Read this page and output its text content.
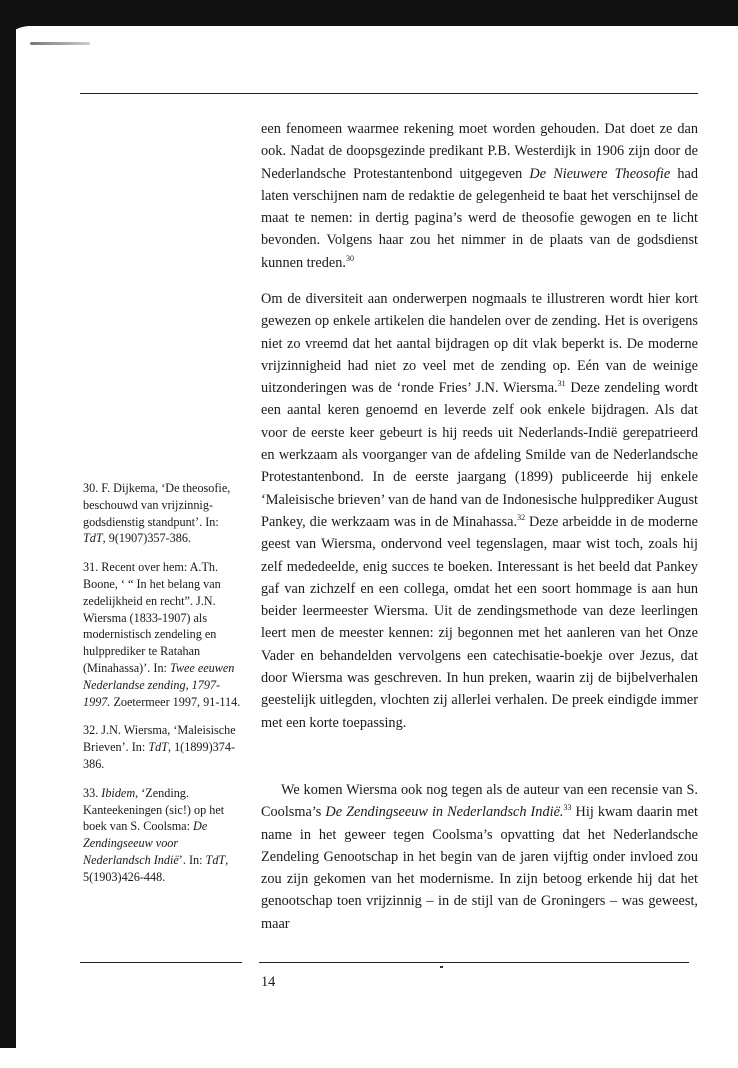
een fenomeen waarmee rekening moet worden gehouden. Dat doet ze dan ook. Nadat de doopsgezinde predikant P.B. Westerdijk in 1906 zijn door de Nederlandsche Protestantenbond uitgegeven De Nieuwere Theosofie had laten verschijnen nam de redaktie de gelegenheid te baat het verschijnsel de maat te nemen: in dertig pagina’s werd de theosofie gewogen en te licht bevonden. Volgens haar zou het nimmer in de plaats van de godsdienst kunnen treden.$^{30}$

Om de diversiteit aan onderwerpen nogmaals te illustreren wordt hier kort gewezen op enkele artikelen die handelen over de zending. Het is overigens niet zo vreemd dat het aantal bijdragen op dit vlak beperkt is. De moderne vrijzinnigheid had niet zo veel met de zending op. Eén van de weinige uitzonderingen was de ‘ronde Fries’ J.N. Wiersma.$^{31}$ Deze zendeling wordt een aantal keren genoemd en leverde zelf ook enkele bijdragen. Als dat voor de eerste keer gebeurt is hij reeds uit Nederlands-Indië gerepatrieerd en werkzaam als voorganger van de afdeling Smilde van de Nederlandsche Protestantenbond. In de eerste jaargang (1899) publiceerde hij enkele ‘Maleisische brieven’ van de hand van de Indonesische hulpprediker August Pankey, die werkzaam was in de Minahassa.$^{32}$ Deze arbeidde in de moderne geest van Wiersma, ondervond veel tegenslagen, maar wist toch, zoals hij zelf mededeelde, enig succes te boeken. Interessant is het beeld dat Pankey gaf van zichzelf en een collega, omdat het een soort hommage is aan hun beider leermeester Wiersma. Uit de zendingsmethode van deze leerlingen leert men de meester kennen: zij begonnen met het aanleren van het Onze Vader en behandelden vervolgens een catechisatie-boekje over Jezus, dat door Wiersma was geschreven. In hun preken, waarin zij de bijbelverhalen geestelijk uitlegden, vlochten zij allerlei verhalen. De preek eindigde immer met een korte toepassing.

We komen Wiersma ook nog tegen als de auteur van een recensie van S. Coolsma’s De Zendingseeuw in Nederlandsch Indië.$^{33}$ Hij kwam daarin met name in het geweer tegen Coolsma’s opvatting dat het Nederlandsche Zendeling Genootschap in het begin van de jaren vijftig onder invloed zou zou zijn gekomen van het modernisme. In zijn betoog erkende hij dat het genootschap toen vrijzinnig – in de stijl van de Groningers – was geweest, maar

30. F. Dijkema, ‘De theosofie, beschouwd van vrijzinnig-godsdienstig standpunt’. In: TdT, 9(1907)357-386.

31. Recent over hem: A.Th. Boone, ‘ “ In het belang van zedelijkheid en recht”. J.N. Wiersma (1833-1907) als modernistisch zendeling en hulpprediker te Ratahan (Minahassa)’. In: Twee eeuwen Nederlandse zending, 1797-1997. Zoetermeer 1997, 91-114.

32. J.N. Wiersma, ‘Maleisische Brieven’. In: TdT, 1(1899)374-386.

33. Ibidem, ‘Zending. Kanteekeningen (sic!) op het boek van S. Coolsma: De Zendingseeuw voor Nederlandsch Indië’. In: TdT, 5(1903)426-448.

14
